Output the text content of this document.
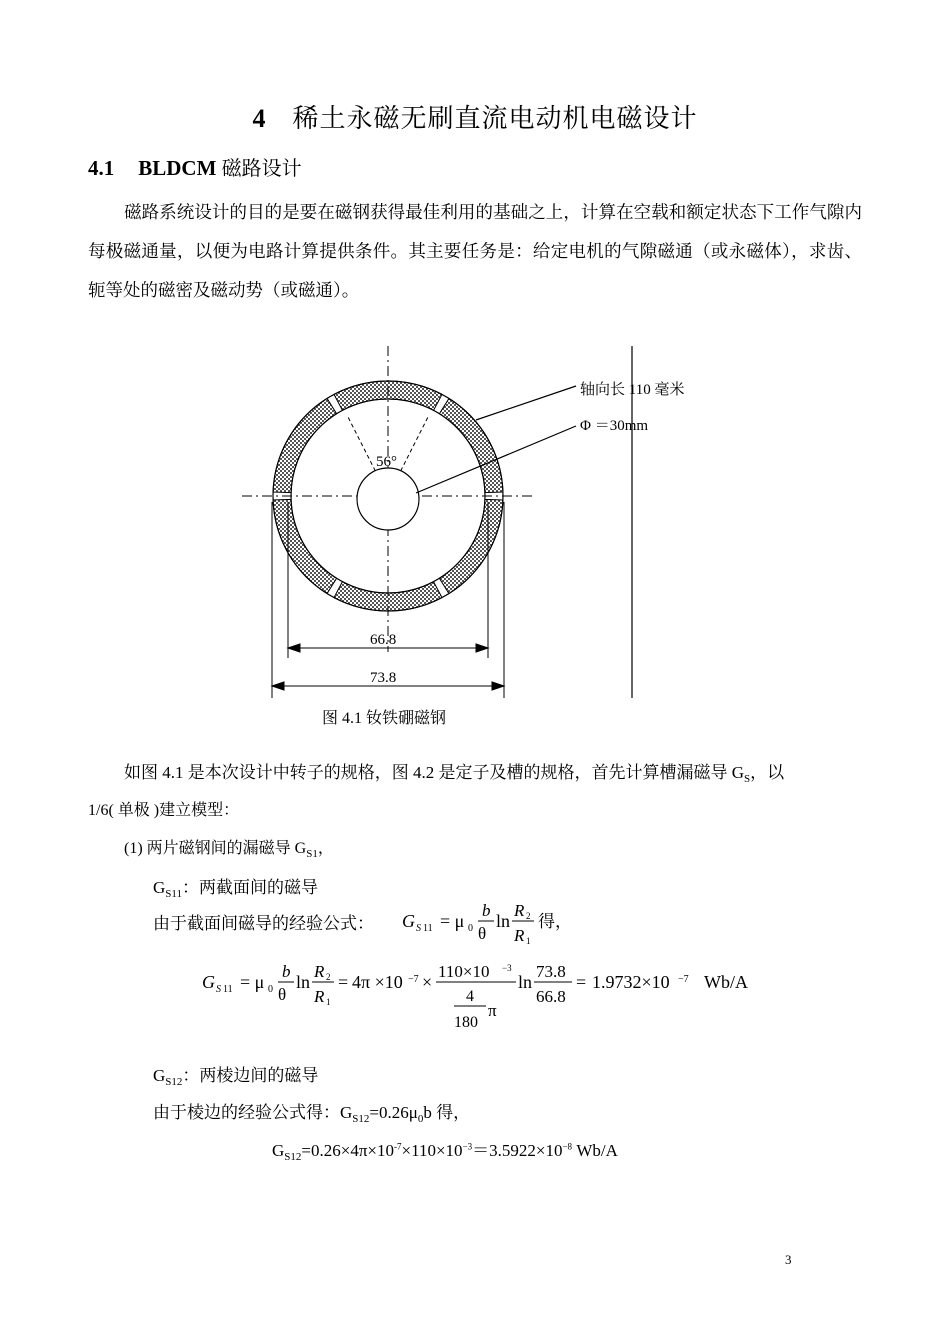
4 稀土永磁无刷直流电动机电磁设计
4.1 BLDCM 磁路设计
磁路系统设计的目的是要在磁钢获得最佳利用的基础之上，计算在空载和额定状态下工作气隙内每极磁通量，以便为电路计算提供条件。其主要任务是：给定电机的气隙磁通（或永磁体），求齿、轭等处的磁密及磁动势（或磁通）。
56°
轴向长 110 毫米
Φ ＝30mm
66.8
73.8
图 4.1 钕铁硼磁钢
如图 4.1 是本次设计中转子的规格，图 4.2 是定子及槽的规格，首先计算槽漏磁导 $G_S$，以
1/6( 单极 )建立模型：
(1) 两片磁钢间的漏磁导 $G_{S1}$，
$G_{S11}$：两截面间的磁导
由于截面间磁导的经验公式： G S 11 = μ 0
b
θ
ln
R 2
R 1
得，
G S 11 = μ 0
b
θ
ln
R 2
R 1
= 4π ×10 −7 ×
110×10 −3
4
180
π
ln
73.8
66.8
= 1.9732×10 −7 Wb/A
$G_{S12}$：两棱边间的磁导
由于棱边的经验公式得：$G_{S12}=0.26\mu_0b$ 得，
$G_{S12}=0.26\times 4\pi\times 10^{-7}\times 110\times 10^{-3}=3.5922\times 10^{-8}$ Wb/A
3
